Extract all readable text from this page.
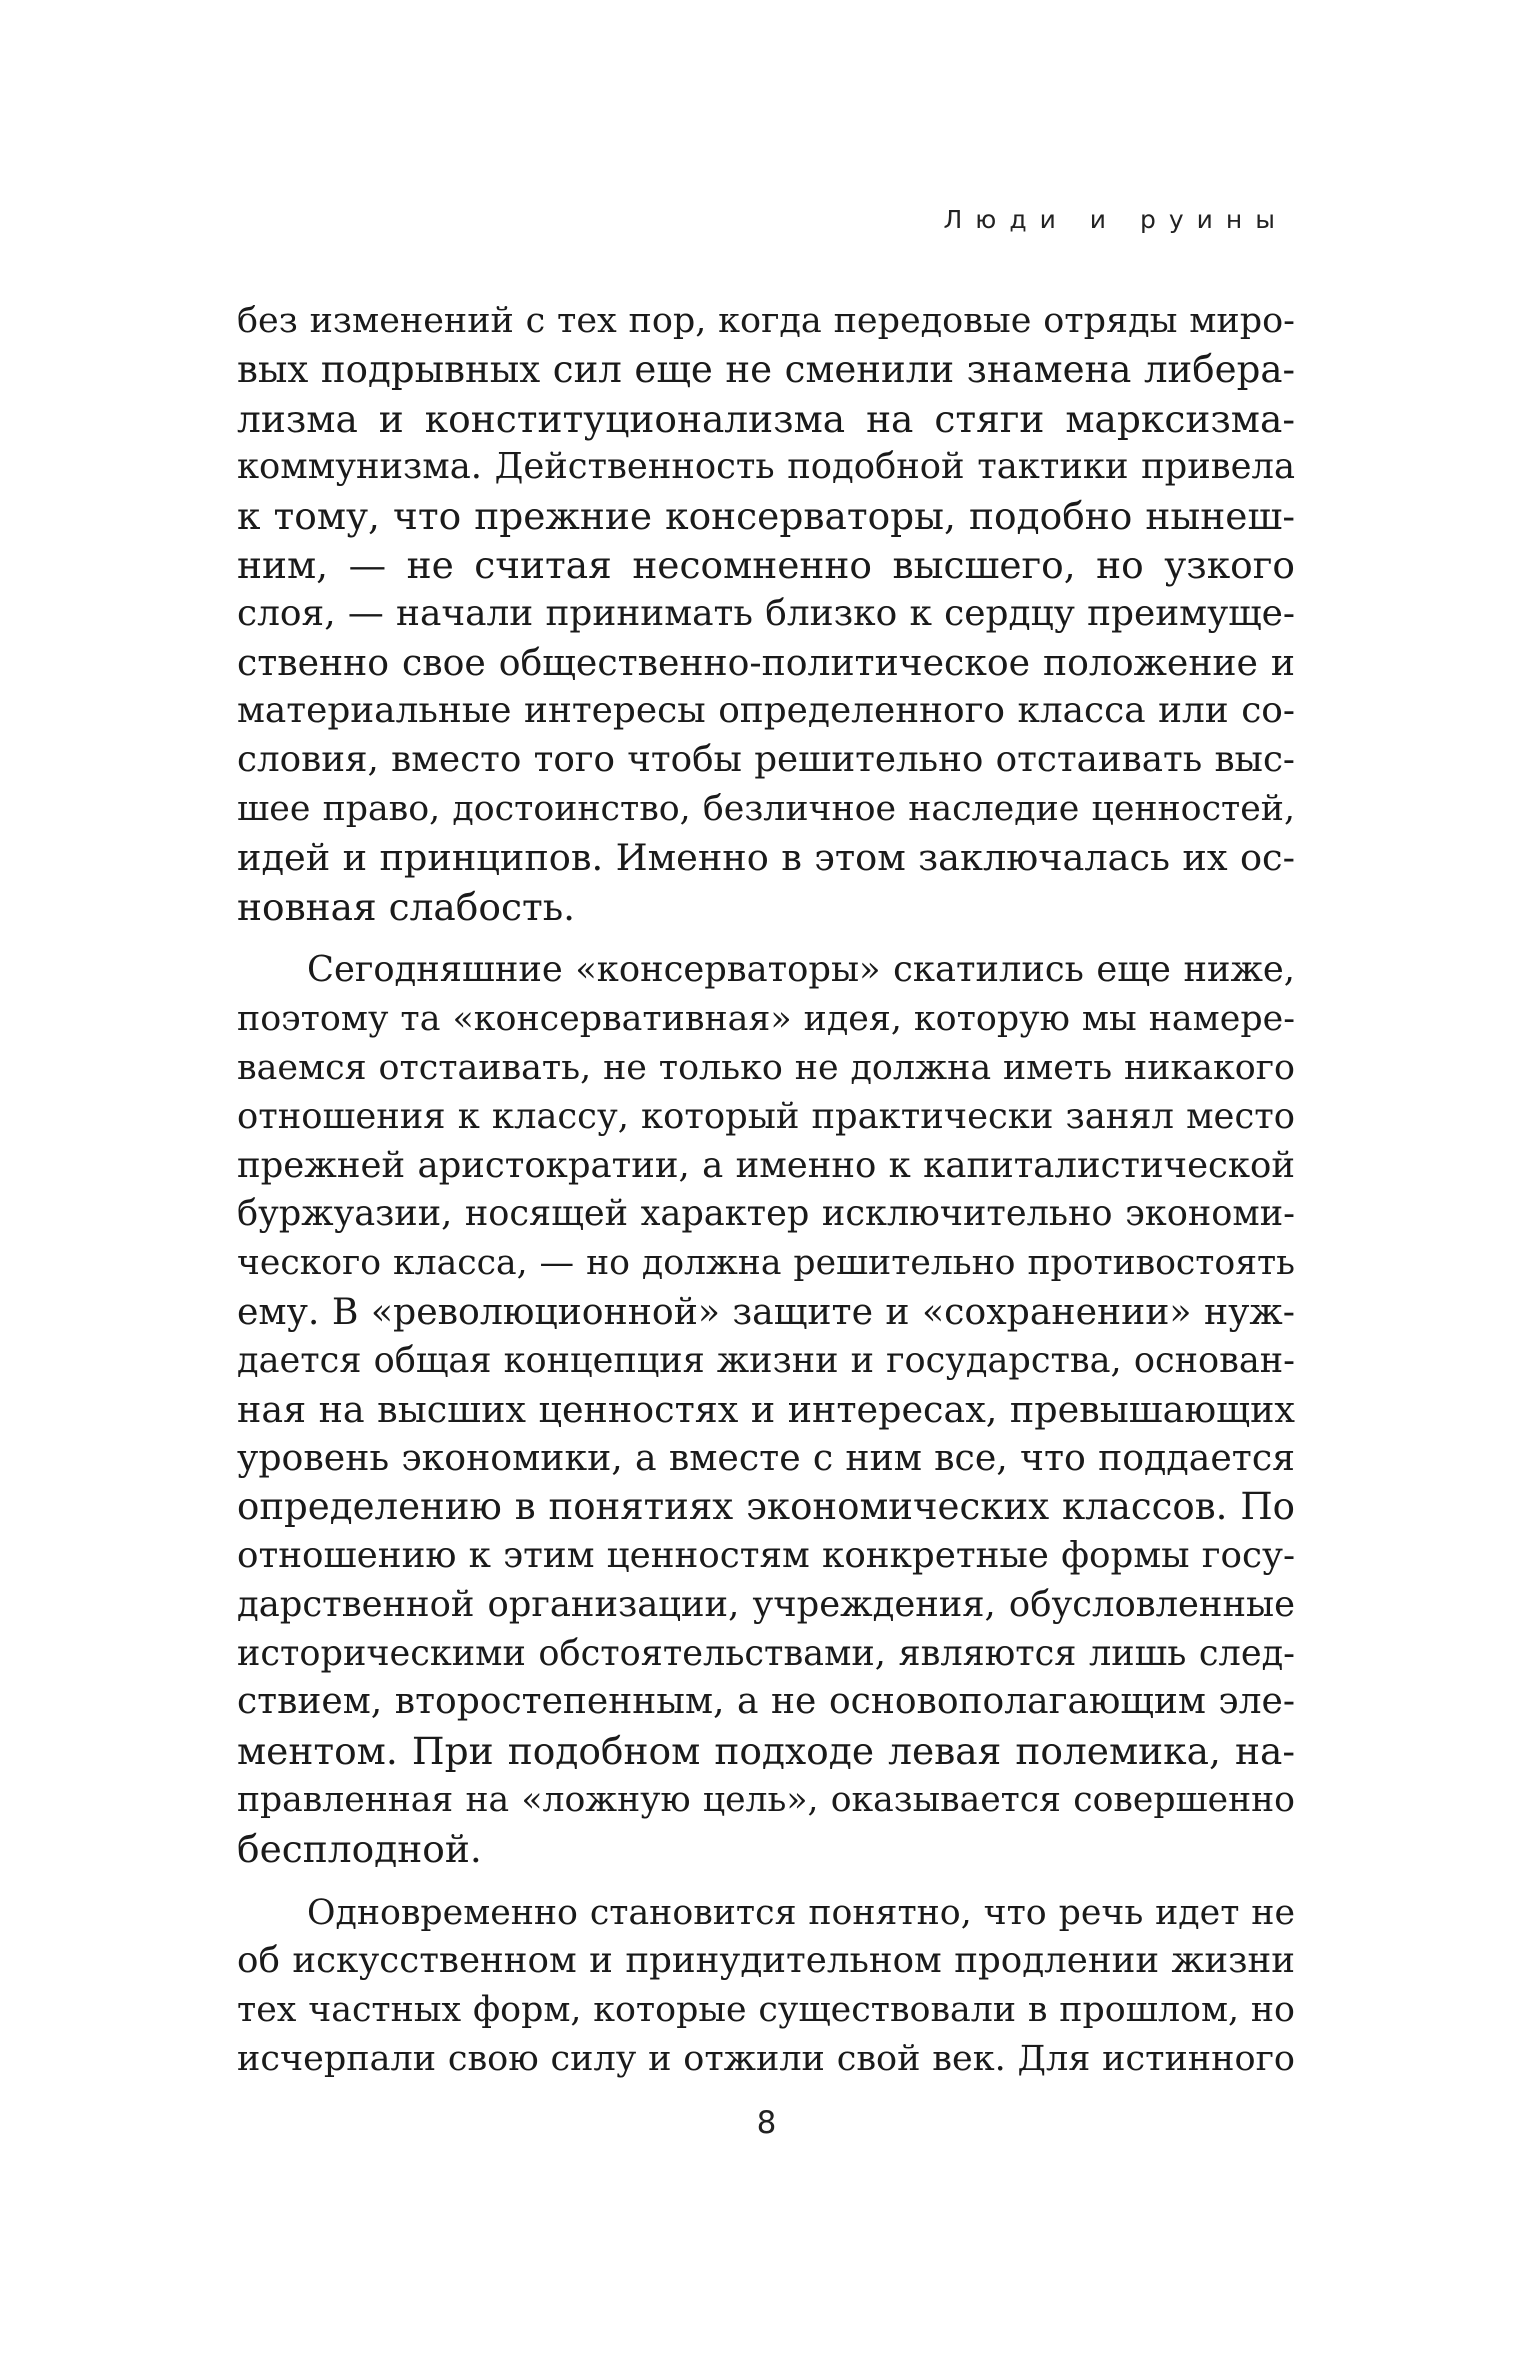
Люди и руины
без изменений с тех пор, когда передовые отряды миро-
вых подрывных сил еще не сменили знамена либера-
лизма и конституционализма на стяги марксизма-
коммунизма. Действенность подобной тактики привела
к тому, что прежние консерваторы, подобно нынеш-
ним, — не считая несомненно высшего, но узкого
слоя, — начали принимать близко к сердцу преимуще-
ственно свое общественно-политическое положение и
материальные интересы определенного класса или со-
словия, вместо того чтобы решительно отстаивать выс-
шее право, достоинство, безличное наследие ценностей,
идей и принципов. Именно в этом заключалась их ос-
новная слабость.
Сегодняшние «консерваторы» скатились еще ниже,
поэтому та «консервативная» идея, которую мы намере-
ваемся отстаивать, не только не должна иметь никакого
отношения к классу, который практически занял место
прежней аристократии, а именно к капиталистической
буржуазии, носящей характер исключительно экономи-
ческого класса, — но должна решительно противостоять
ему. В «революционной» защите и «сохранении» нуж-
дается общая концепция жизни и государства, основан-
ная на высших ценностях и интересах, превышающих
уровень экономики, а вместе с ним все, что поддается
определению в понятиях экономических классов. По
отношению к этим ценностям конкретные формы госу-
дарственной организации, учреждения, обусловленные
историческими обстоятельствами, являются лишь след-
ствием, второстепенным, а не основополагающим эле-
ментом. При подобном подходе левая полемика, на-
правленная на «ложную цель», оказывается совершенно
бесплодной.
Одновременно становится понятно, что речь идет не
об искусственном и принудительном продлении жизни
тех частных форм, которые существовали в прошлом, но
исчерпали свою силу и отжили свой век. Для истинного
8
